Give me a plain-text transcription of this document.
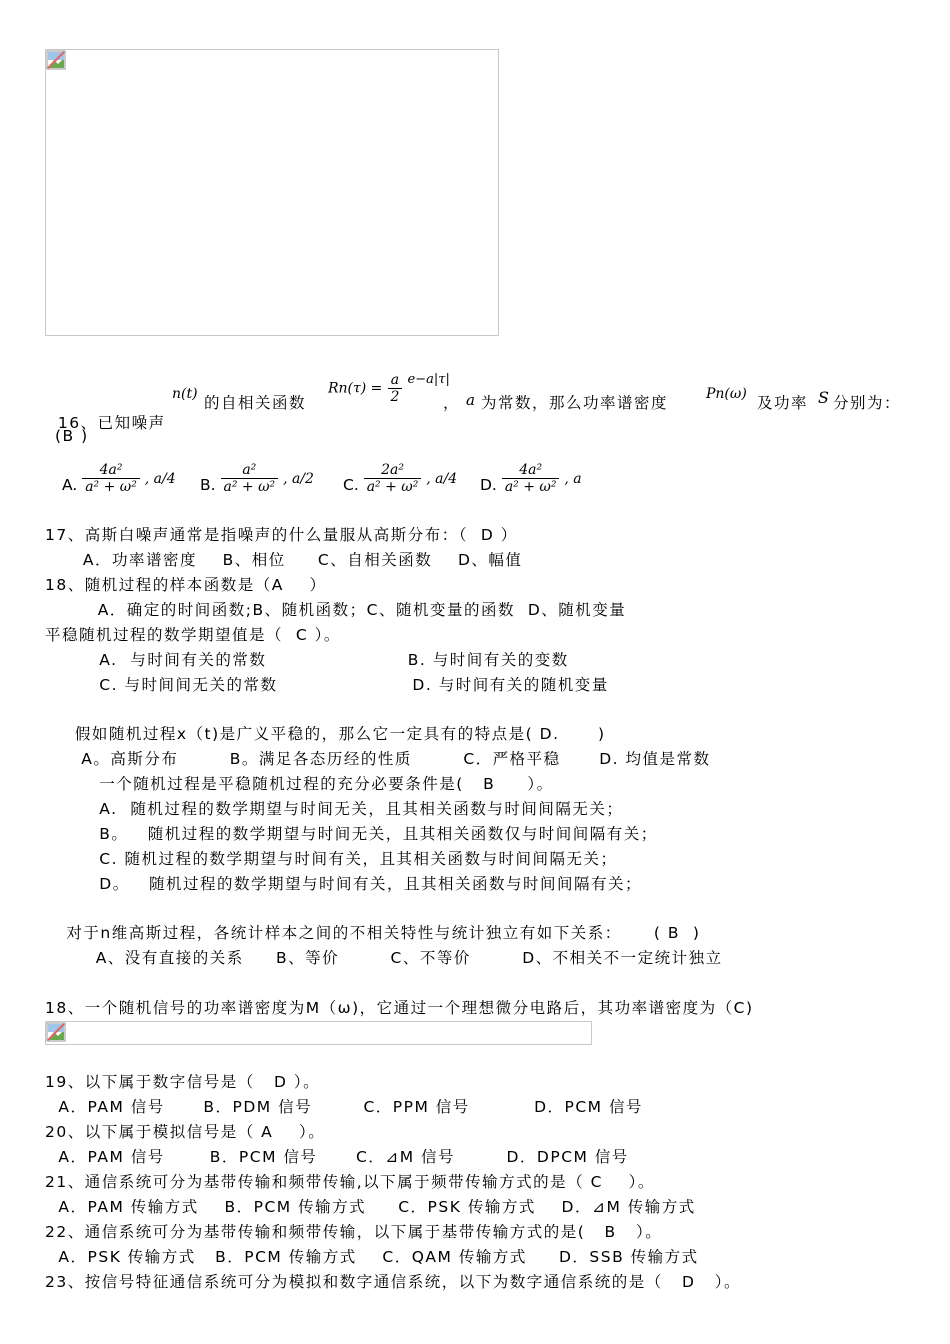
16、已知噪声

n(t) 的自相关函数
$Rn(\tau) = \frac{a}{2} ^{e-a|\tau|}$
， a 为常数，那么功率谱密度	Pn(ω) 及功率 S 分别为：
(B )
A. $\frac{\text{4a²}}{\text{a² + ω²}}$ , a/4 B. $\frac{\text{a²}}{\text{a² + ω²}}$ , a/2 C. $\frac{\text{2a²}}{\text{a² + ω²}}$ , a/4 D. $\frac{\text{4a²}}{\text{a² + ω²}}$ , a
17、高斯白噪声通常是指噪声的什么量服从高斯分布：（  D ）
A．功率谱密度    B、相位     C、自相关函数    D、幅值
18、随机过程的样本函数是（A    ）
A．确定的时间函数;B、随机函数；C、随机变量的函数  D、随机变量
平稳随机过程的数学期望值是（  C ）。
A.  与时间有关的常数                      B. 与时间有关的变数
C. 与时间间无关的常数                     D. 与时间有关的随机变量
假如随机过程x（t)是广义平稳的，那么它一定具有的特点是( D.      )
A。高斯分布        B。满足各态历经的性质        C．严格平稳      D. 均值是常数
一个随机过程是平稳随机过程的充分必要条件是(   B     ）。
A.  随机过程的数学期望与时间无关，且其相关函数与时间间隔无关；
B。   随机过程的数学期望与时间无关，且其相关函数仅与时间间隔有关；
C. 随机过程的数学期望与时间有关，且其相关函数与时间间隔无关；
D。   随机过程的数学期望与时间有关，且其相关函数与时间间隔有关；
对于n维高斯过程，各统计样本之间的不相关特性与统计独立有如下关系：     ( B  )
A、没有直接的关系     B、等价        C、不等价        D、不相关不一定统计独立
18、一个随机信号的功率谱密度为M（ω)，它通过一个理想微分电路后，其功率谱密度为（C)
19、以下属于数字信号是（   D ）。
A．PAM 信号      B．PDM 信号        C．PPM 信号          D．PCM 信号
20、以下属于模拟信号是（ A    ）。
A．PAM 信号       B．PCM 信号      C．⊿M 信号        D．DPCM 信号
21、通信系统可分为基带传输和频带传输,以下属于频带传输方式的是（ C    ）。
A．PAM 传输方式    B．PCM 传输方式     C．PSK 传输方式    D．⊿M 传输方式
22、通信系统可分为基带传输和频带传输，以下属于基带传输方式的是(   B   ）。
A．PSK 传输方式   B．PCM 传输方式    C．QAM 传输方式     D．SSB 传输方式
23、按信号特征通信系统可分为模拟和数字通信系统，以下为数字通信系统的是（   D   ）。
